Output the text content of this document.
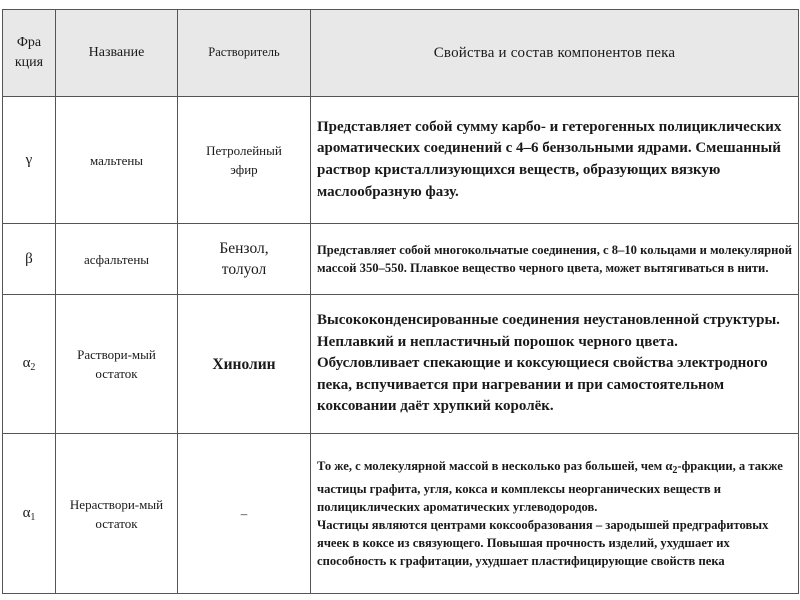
Фракция	Название	Растворитель	Свойства и состав компонентов пека
γ	мальтены	Петролейный эфир	Представляет собой сумму карбо- и гетерогенных полициклических ароматических соединений с 4–6 бензольными ядрами. Смешанный раствор кристаллизующихся веществ, образующих вязкую маслообразную фазу.

β	асфальтены	Бензол, толуол	Представляет собой многокольчатые соединения, с 8–10 кольцами и молекулярной массой 350–550. Плавкое вещество черного цвета, может вытягиваться в нити.

$\alpha_2$	Раствори-мый остаток	Хинолин	Высококонденсированные соединения неустановленной структуры. Неплавкий и непластичный порошок черного цвета.
Обусловливает спекающие и коксующиеся свойства электродного пека, вспучивается при нагревании и при самостоятельном коксовании даёт хрупкий королёк.

$\alpha_1$	Нераствори-мый остаток	–	То же, с молекулярной массой в несколько раз большей, чем $\alpha_2$-фракции, а также частицы графита, угля, кокса и комплексы неорганических веществ и полициклических ароматических углеводородов.
Частицы являются центрами коксообразования – зародышей предграфитовых ячеек в коксе из связующего. Повышая прочность изделий, ухудшает их способность к графитации, ухудшает пластифицирующие свойств пека
